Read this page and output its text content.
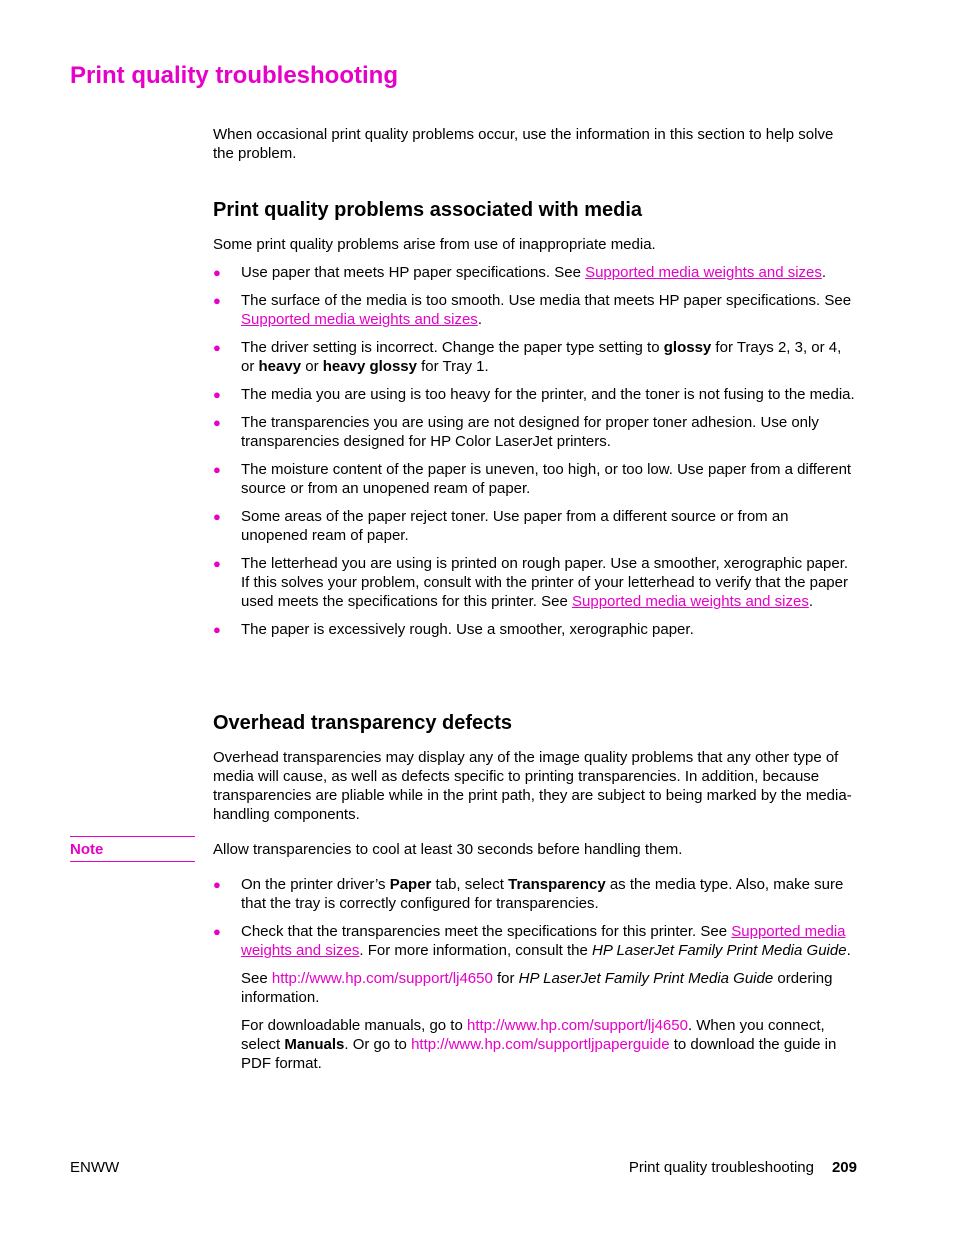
Print quality troubleshooting

When occasional print quality problems occur, use the information in this section to help solve the problem.

Print quality problems associated with media

Some print quality problems arise from use of inappropriate media.

● Use paper that meets HP paper specifications. See Supported media weights and sizes.
● The surface of the media is too smooth. Use media that meets HP paper specifications. See Supported media weights and sizes.
● The driver setting is incorrect. Change the paper type setting to glossy for Trays 2, 3, or 4, or heavy or heavy glossy for Tray 1.
● The media you are using is too heavy for the printer, and the toner is not fusing to the media.
● The transparencies you are using are not designed for proper toner adhesion. Use only transparencies designed for HP Color LaserJet printers.
● The moisture content of the paper is uneven, too high, or too low. Use paper from a different source or from an unopened ream of paper.
● Some areas of the paper reject toner. Use paper from a different source or from an unopened ream of paper.
● The letterhead you are using is printed on rough paper. Use a smoother, xerographic paper. If this solves your problem, consult with the printer of your letterhead to verify that the paper used meets the specifications for this printer. See Supported media weights and sizes.
● The paper is excessively rough. Use a smoother, xerographic paper.
Overhead transparency defects

Overhead transparencies may display any of the image quality problems that any other type of media will cause, as well as defects specific to printing transparencies. In addition, because transparencies are pliable while in the print path, they are subject to being marked by the media-handling components.

Note	Allow transparencies to cool at least 30 seconds before handling them.

● On the printer driver’s Paper tab, select Transparency as the media type. Also, make sure that the tray is correctly configured for transparencies.
● Check that the transparencies meet the specifications for this printer. See Supported media weights and sizes. For more information, consult the HP LaserJet Family Print Media Guide.
See http://www.hp.com/support/lj4650 for HP LaserJet Family Print Media Guide ordering information.
For downloadable manuals, go to http://www.hp.com/support/lj4650. When you connect, select Manuals. Or go to http://www.hp.com/supportljpaperguide to download the guide in PDF format.
ENWW	Print quality troubleshooting 209
